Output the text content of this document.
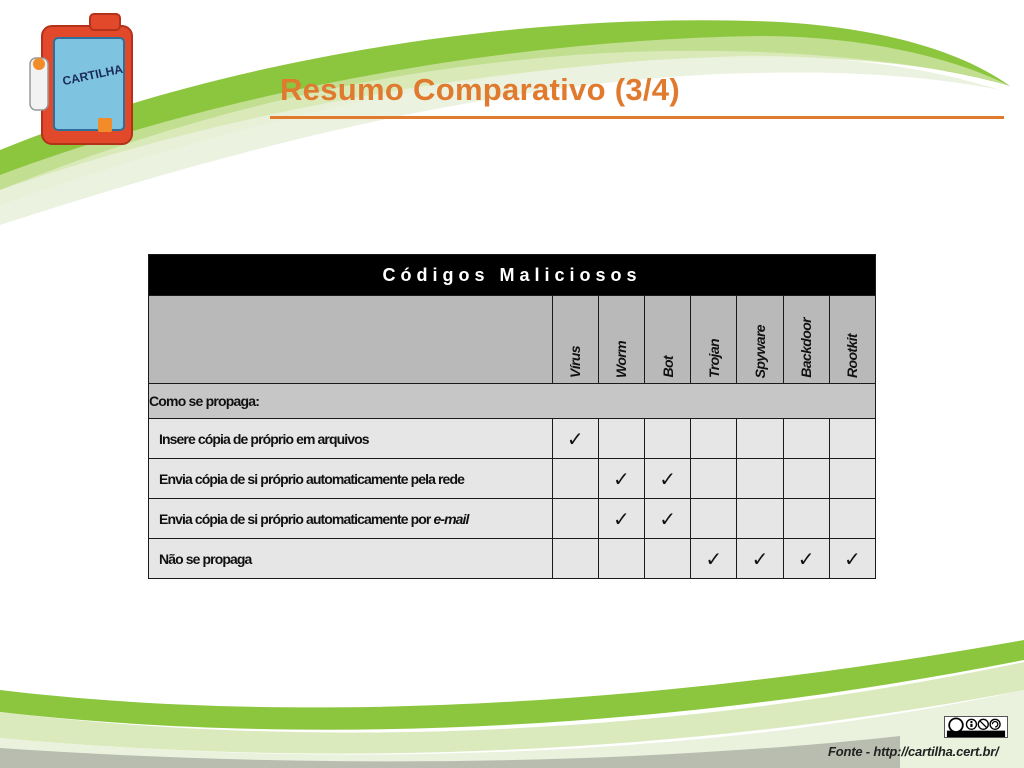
CARTILHA	Resumo Comparativo (3/4)
Códigos Maliciosos							
	Vírus	Worm	Bot	Trojan	Spyware	Backdoor	Rootkit
Como se propaga:							
Insere cópia de próprio em arquivos	✓						
Envia cópia de si próprio automaticamente pela rede		✓	✓				
Envia cópia de si próprio automaticamente por e-mail		✓	✓				
Não se propaga				✓	✓	✓	✓
Fonte - http://cartilha.cert.br/
